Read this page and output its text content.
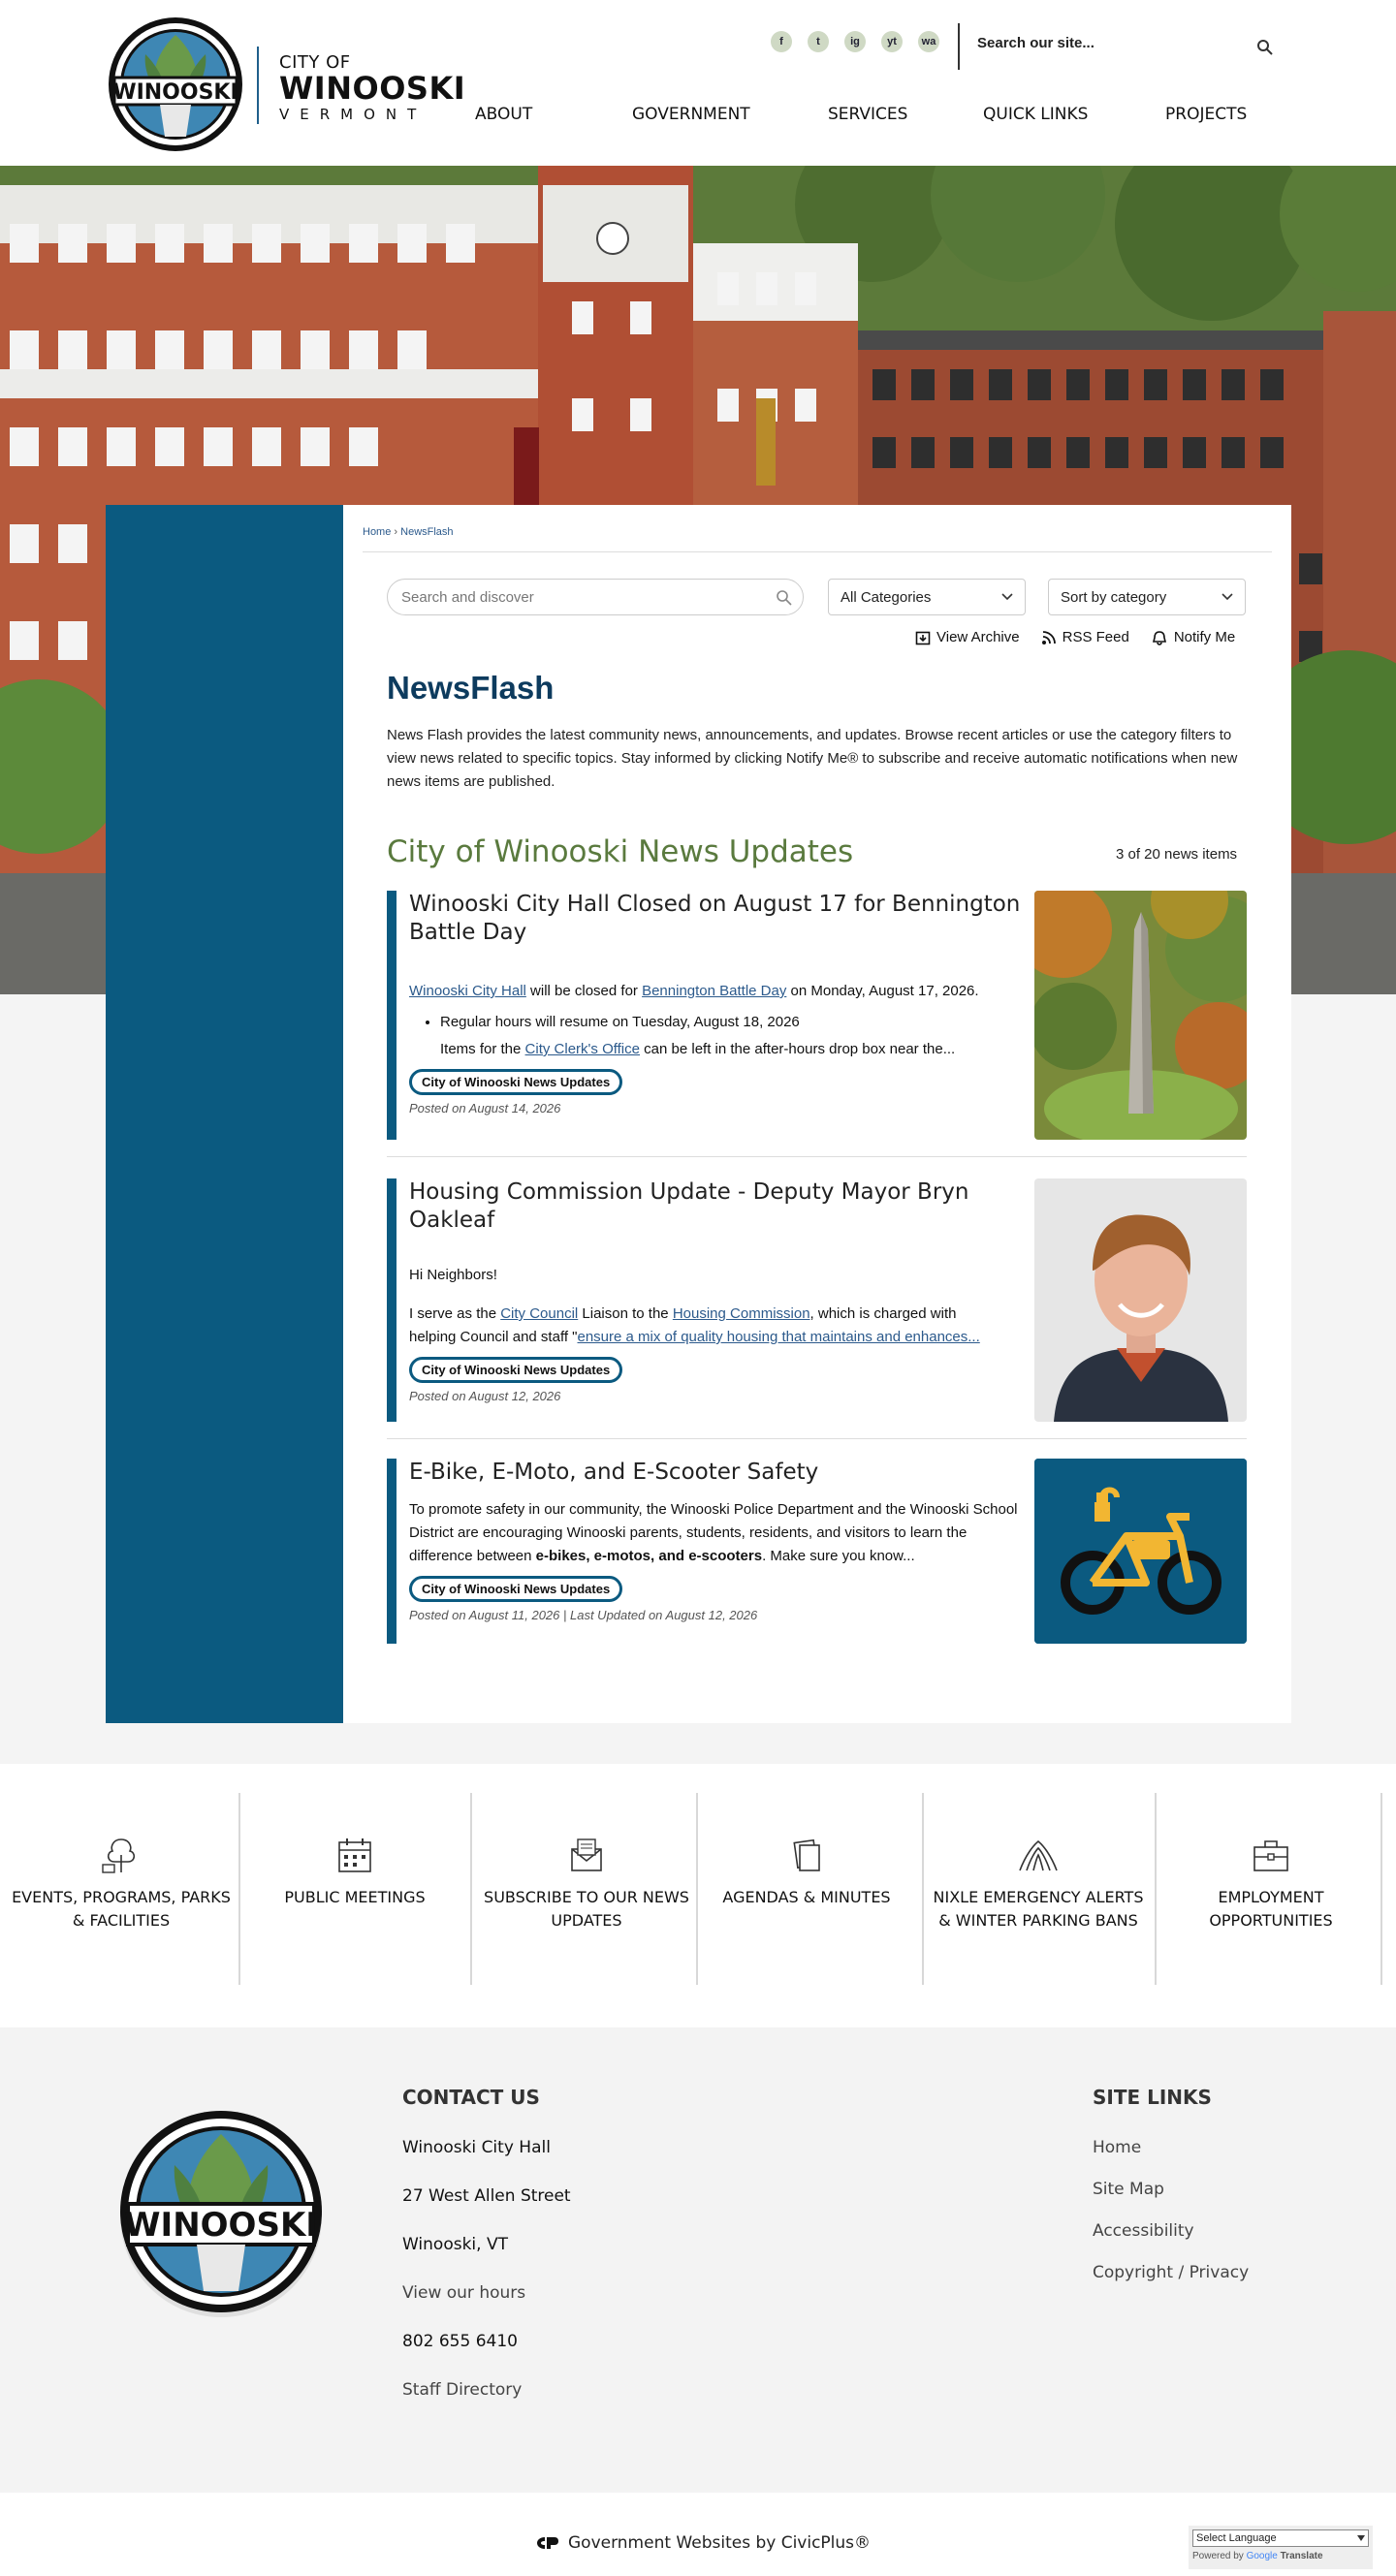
WINOOSKI
CITY OF
WINOOSKI
VERMONT
f	t	ig	yt	wa	Search our site...
ABOUT	GOVERNMENT	SERVICES	QUICK LINKS	PROJECTS
Home › NewsFlash
Search and discover	All Categories	Sort by category
View Archive	RSS Feed	Notify Me
NewsFlash
News Flash provides the latest community news, announcements, and updates. Browse recent articles or use the category filters to view news related to specific topics. Stay informed by clicking Notify Me® to subscribe and receive automatic notifications when new news items are published.
City of Winooski News Updates	3 of 20 news items
Winooski City Hall Closed on August 17 for Bennington Battle Day

Winooski City Hall will be closed for Bennington Battle Day on Monday, August 17, 2026.

• Regular hours will resume on Tuesday, August 18, 2026
• Items for the City Clerk's Office can be left in the after-hours drop box near the...
City of Winooski News Updates
Posted on August 14, 2026
Housing Commission Update - Deputy Mayor Bryn Oakleaf

Hi Neighbors!

I serve as the City Council Liaison to the Housing Commission, which is charged with

helping Council and staff "ensure a mix of quality housing that maintains and enhances...

City of Winooski News Updates
Posted on August 12, 2026
E-Bike, E-Moto, and E-Scooter Safety

To promote safety in our community, the Winooski Police Department and the Winooski School District are encouraging Winooski parents, students, residents, and visitors to learn the difference between e-bikes, e-motos, and e-scooters. Make sure you know...

City of Winooski News Updates
Posted on August 11, 2026 | Last Updated on August 12, 2026
EVENTS, PROGRAMS, PARKS & FACILITIES
PUBLIC MEETINGS	SUBSCRIBE TO OUR NEWS UPDATES
AGENDAS & MINUTES	NIXLE EMERGENCY ALERTS & WINTER PARKING BANS
EMPLOYMENT OPPORTUNITIES
WINOOSKI
CONTACT US
Winooski City Hall
27 West Allen Street
Winooski, VT
View our hours
802 655 6410
Staff Directory
SITE LINKS
Home
Site Map
Accessibility
Copyright / Privacy
Government Websites by CivicPlus®	Select Language
Powered by Google Translate
